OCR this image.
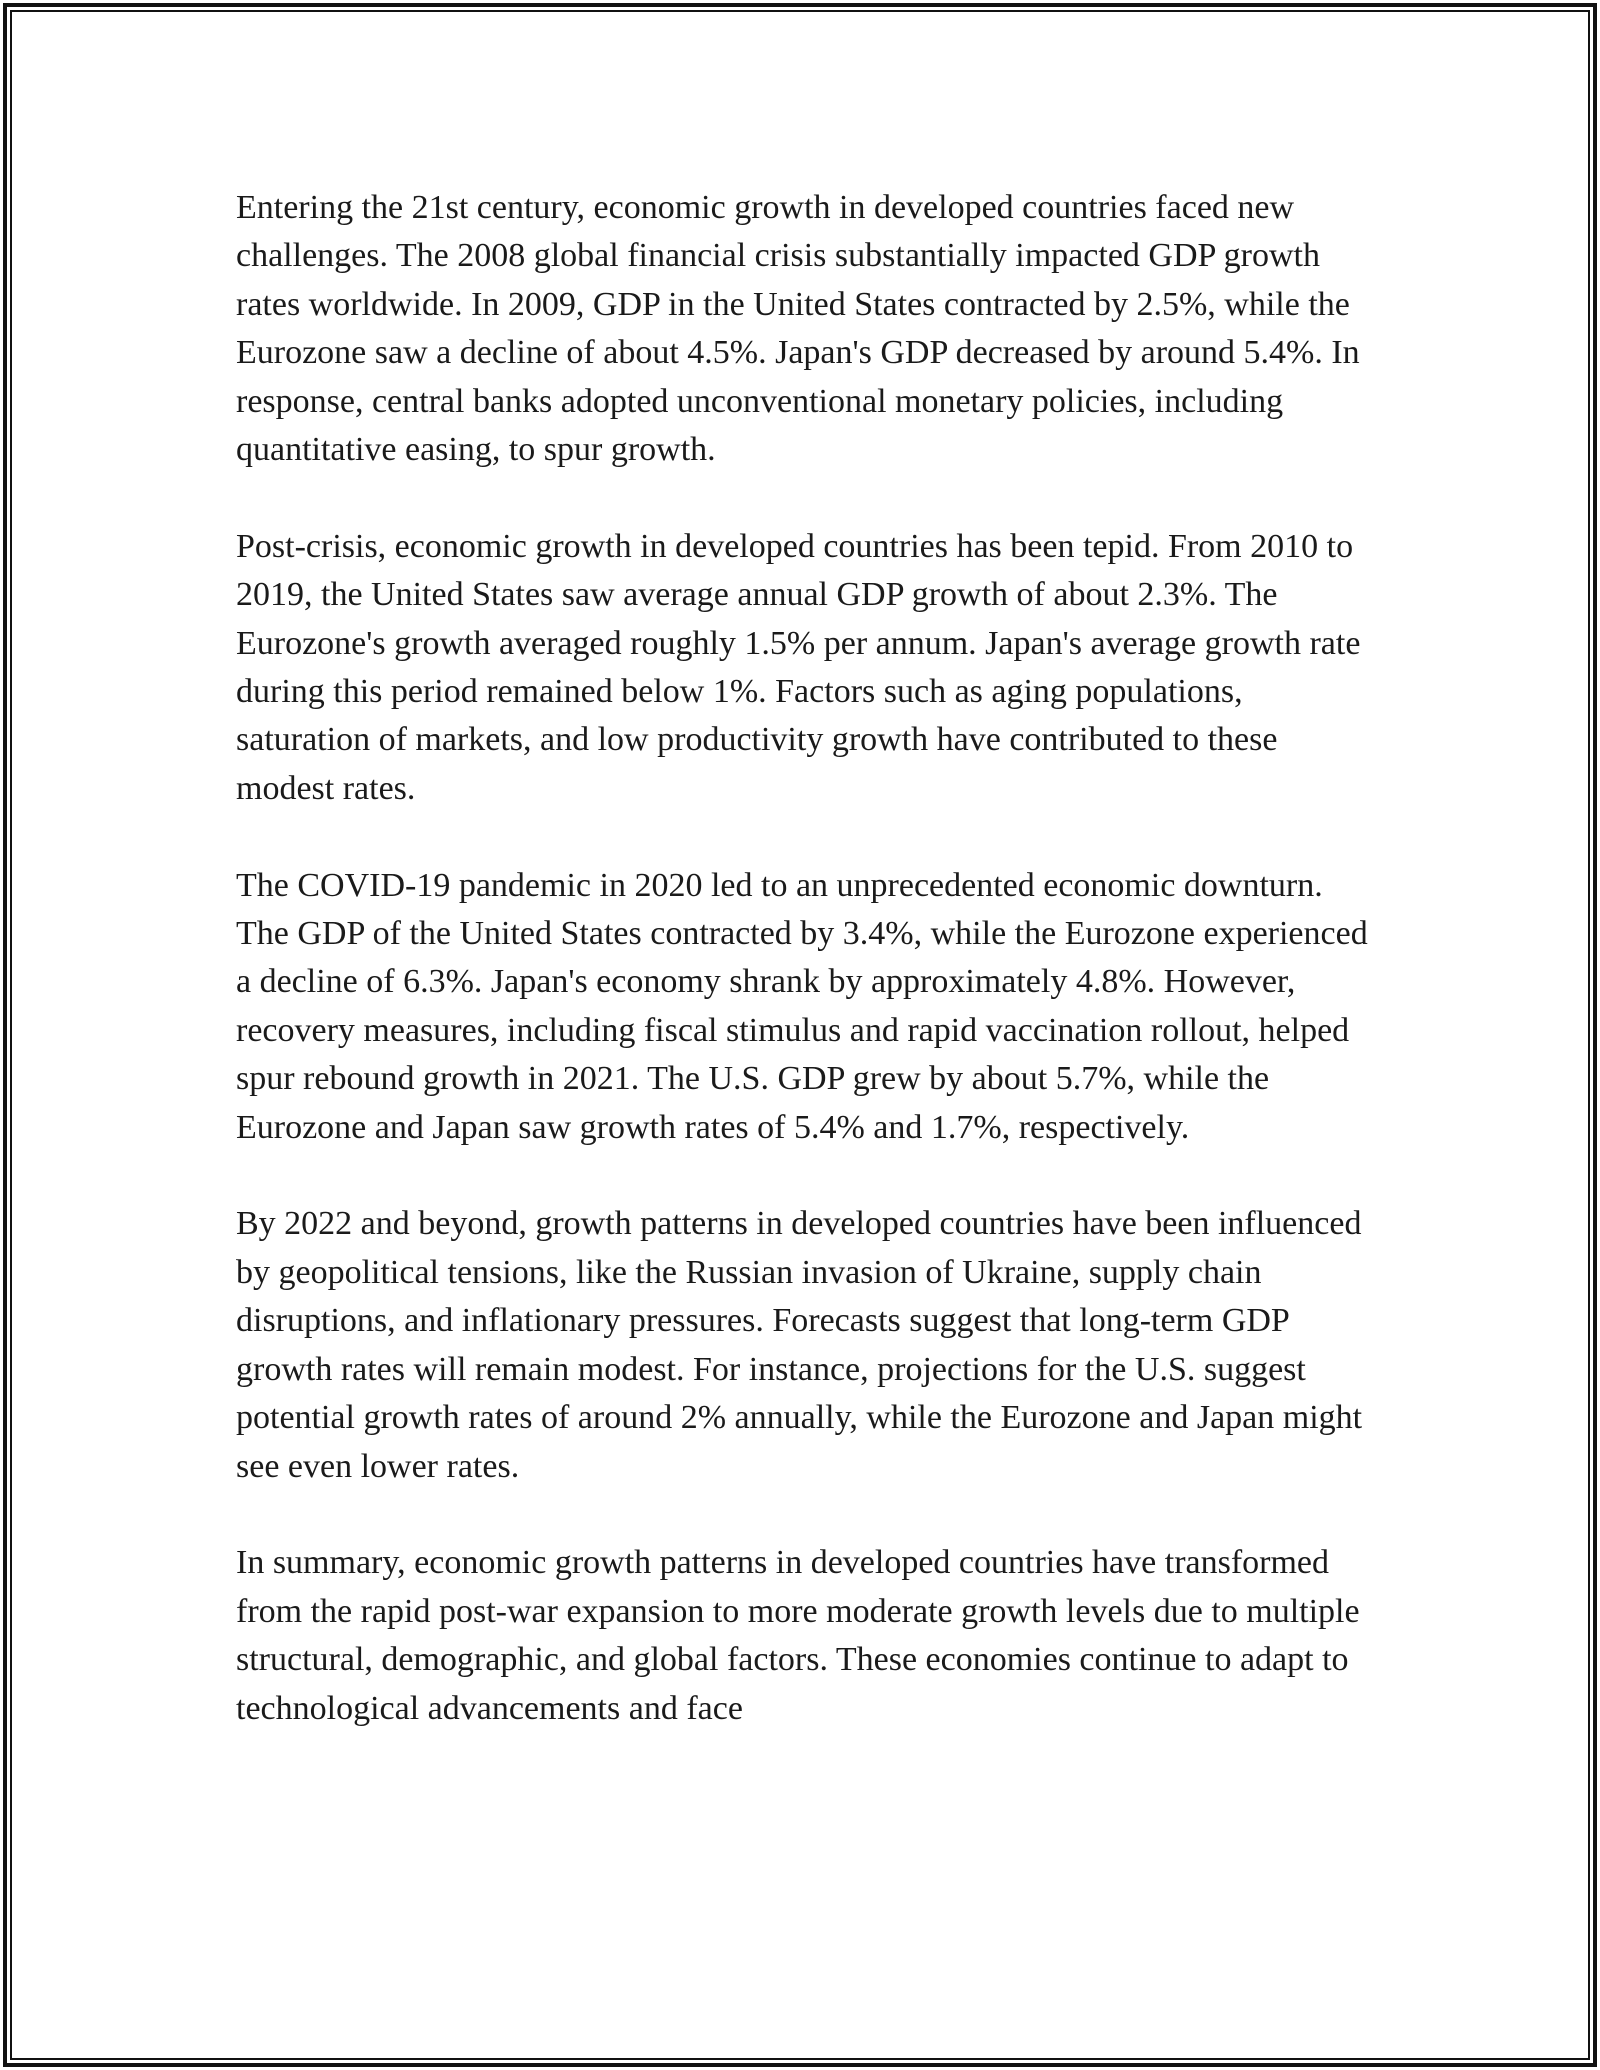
Entering the 21st century, economic growth in developed countries faced new challenges. The 2008 global financial crisis substantially impacted GDP growth rates worldwide. In 2009, GDP in the United States contracted by 2.5%, while the Eurozone saw a decline of about 4.5%. Japan's GDP decreased by around 5.4%. In response, central banks adopted unconventional monetary policies, including quantitative easing, to spur growth.

Post-crisis, economic growth in developed countries has been tepid. From 2010 to 2019, the United States saw average annual GDP growth of about 2.3%. The Eurozone's growth averaged roughly 1.5% per annum. Japan's average growth rate during this period remained below 1%. Factors such as aging populations, saturation of markets, and low productivity growth have contributed to these modest rates.

The COVID-19 pandemic in 2020 led to an unprecedented economic downturn. The GDP of the United States contracted by 3.4%, while the Eurozone experienced a decline of 6.3%. Japan's economy shrank by approximately 4.8%. However, recovery measures, including fiscal stimulus and rapid vaccination rollout, helped spur rebound growth in 2021. The U.S. GDP grew by about 5.7%, while the Eurozone and Japan saw growth rates of 5.4% and 1.7%, respectively.

By 2022 and beyond, growth patterns in developed countries have been influenced by geopolitical tensions, like the Russian invasion of Ukraine, supply chain disruptions, and inflationary pressures. Forecasts suggest that long-term GDP growth rates will remain modest. For instance, projections for the U.S. suggest potential growth rates of around 2% annually, while the Eurozone and Japan might see even lower rates.

In summary, economic growth patterns in developed countries have transformed from the rapid post-war expansion to more moderate growth levels due to multiple structural, demographic, and global factors. These economies continue to adapt to technological advancements and face
